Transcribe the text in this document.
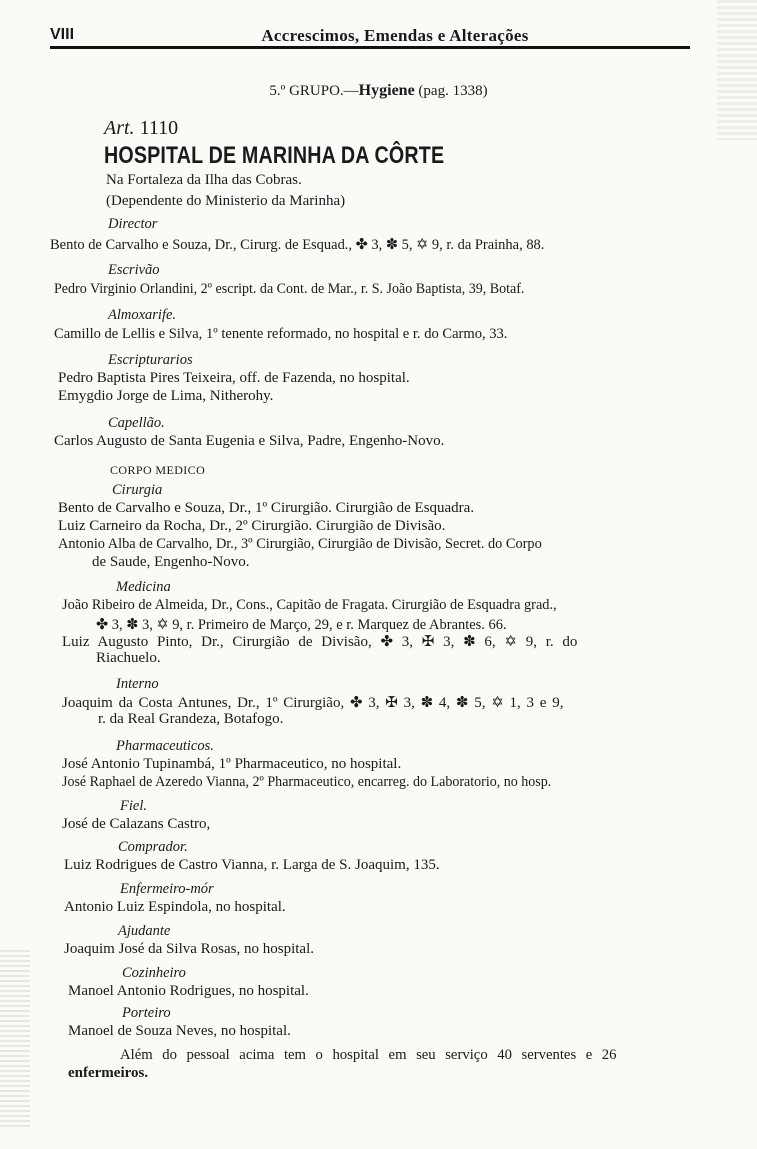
VIII	Accrescimos, Emendas e Alterações
5.º GRUPO.—Hygiene (pag. 1338)
Art. 1110
HOSPITAL DE MARINHA DA CÔRTE
Na Fortaleza da Ilha das Cobras.
(Dependente do Ministerio da Marinha)
Director
Bento de Carvalho e Souza, Dr., Cirurg. de Esquad., ✤ 3, ✽ 5, ✡ 9, r. da Prainha, 88.
Escrivão
Pedro Virginio Orlandini, 2º escript. da Cont. de Mar., r. S. João Baptista, 39, Botaf.
Almoxarife.
Camillo de Lellis e Silva, 1º tenente reformado, no hospital e r. do Carmo, 33.
Escripturarios
Pedro Baptista Pires Teixeira, off. de Fazenda, no hospital.
Emygdio Jorge de Lima, Nitherohy.
Capellão.
Carlos Augusto de Santa Eugenia e Silva, Padre, Engenho-Novo.
CORPO MEDICO
Cirurgia
Bento de Carvalho e Souza, Dr., 1º Cirurgião. Cirurgião de Esquadra.
Luiz Carneiro da Rocha, Dr., 2º Cirurgião. Cirurgião de Divisão.
Antonio Alba de Carvalho, Dr., 3º Cirurgião, Cirurgião de Divisão, Secret. do Corpo
de Saude, Engenho-Novo.
Medicina
João Ribeiro de Almeida, Dr., Cons., Capitão de Fragata. Cirurgião de Esquadra grad.,
✤ 3, ✽ 3, ✡ 9, r. Primeiro de Março, 29, e r. Marquez de Abrantes. 66.
Luiz Augusto Pinto, Dr., Cirurgião de Divisão, ✤ 3, ✠ 3, ✽ 6, ✡ 9, r. do
Riachuelo.
Interno
Joaquim da Costa Antunes, Dr., 1º Cirurgião, ✤ 3, ✠ 3, ✽ 4, ✽ 5, ✡ 1, 3 e 9,
r. da Real Grandeza, Botafogo.
Pharmaceuticos.
José Antonio Tupinambá, 1º Pharmaceutico, no hospital.
José Raphael de Azeredo Vianna, 2º Pharmaceutico, encarreg. do Laboratorio, no hosp.
Fiel.
José de Calazans Castro,
Comprador.
Luiz Rodrigues de Castro Vianna, r. Larga de S. Joaquim, 135.
Enfermeiro-mór
Antonio Luiz Espindola, no hospital.
Ajudante
Joaquim José da Silva Rosas, no hospital.
Cozinheiro
Manoel Antonio Rodrigues, no hospital.
Porteiro
Manoel de Souza Neves, no hospital.
Além do pessoal acima tem o hospital em seu serviço 40 serventes e 26
enfermeiros.
